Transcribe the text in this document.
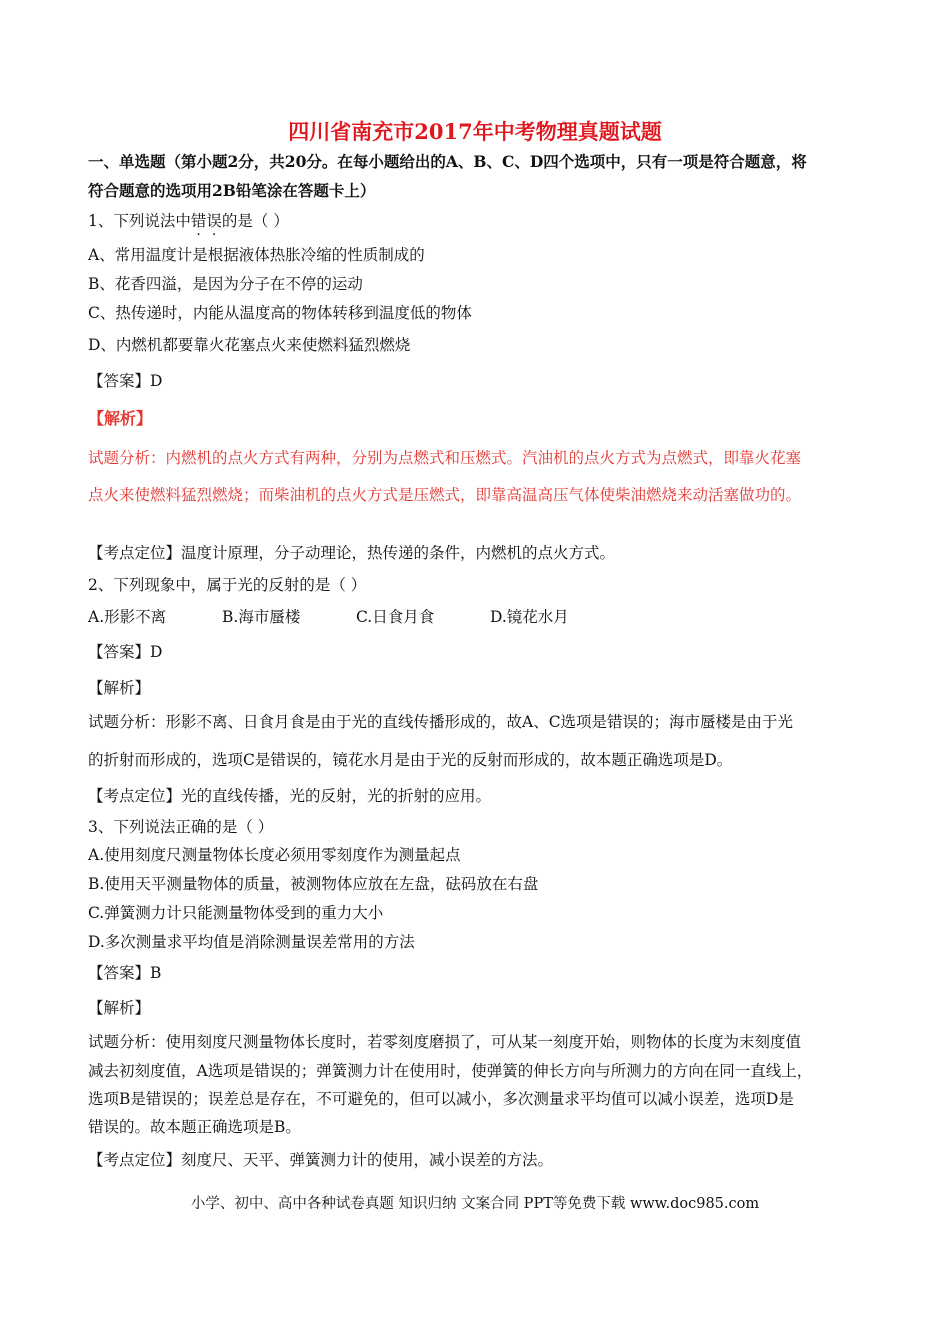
四川省南充市2017年中考物理真题试题
一、单选题（第小题2分，共20分。在每小题给出的A、B、C、D四个选项中，只有一项是符合题意，将
符合题意的选项用2B铅笔涂在答题卡上）
1、下列说法中错误的是（ ）
A、常用温度计是根据液体热胀冷缩的性质制成的
B、花香四溢，是因为分子在不停的运动
C、热传递时，内能从温度高的物体转移到温度低的物体
D、内燃机都要靠火花塞点火来使燃料猛烈燃烧
【答案】D
【解析】
试题分析：内燃机的点火方式有两种，分别为点燃式和压燃式。汽油机的点火方式为点燃式，即靠火花塞
点火来使燃料猛烈燃烧；而柴油机的点火方式是压燃式，即靠高温高压气体使柴油燃烧来动活塞做功的。
【考点定位】温度计原理，分子动理论，热传递的条件，内燃机的点火方式。
2、下列现象中，属于光的反射的是（ ）
A.形影不离	B.海市蜃楼	C.日食月食	D.镜花水月
【答案】D
【解析】
试题分析：形影不离、日食月食是由于光的直线传播形成的，故A、C选项是错误的；海市蜃楼是由于光
的折射而形成的，选项C是错误的，镜花水月是由于光的反射而形成的，故本题正确选项是D。
【考点定位】光的直线传播，光的反射，光的折射的应用。
3、下列说法正确的是（ ）
A.使用刻度尺测量物体长度必须用零刻度作为测量起点
B.使用天平测量物体的质量，被测物体应放在左盘，砝码放在右盘
C.弹簧测力计只能测量物体受到的重力大小
D.多次测量求平均值是消除测量误差常用的方法
【答案】B
【解析】
试题分析：使用刻度尺测量物体长度时，若零刻度磨损了，可从某一刻度开始，则物体的长度为末刻度值
减去初刻度值，A选项是错误的；弹簧测力计在使用时，使弹簧的伸长方向与所测力的方向在同一直线上，
选项B是错误的；误差总是存在，不可避免的，但可以减小，多次测量求平均值可以减小误差，选项D是
错误的。故本题正确选项是B。
【考点定位】刻度尺、天平、弹簧测力计的使用，减小误差的方法。
小学、初中、高中各种试卷真题 知识归纳 文案合同 PPT等免费下载 www.doc985.com
